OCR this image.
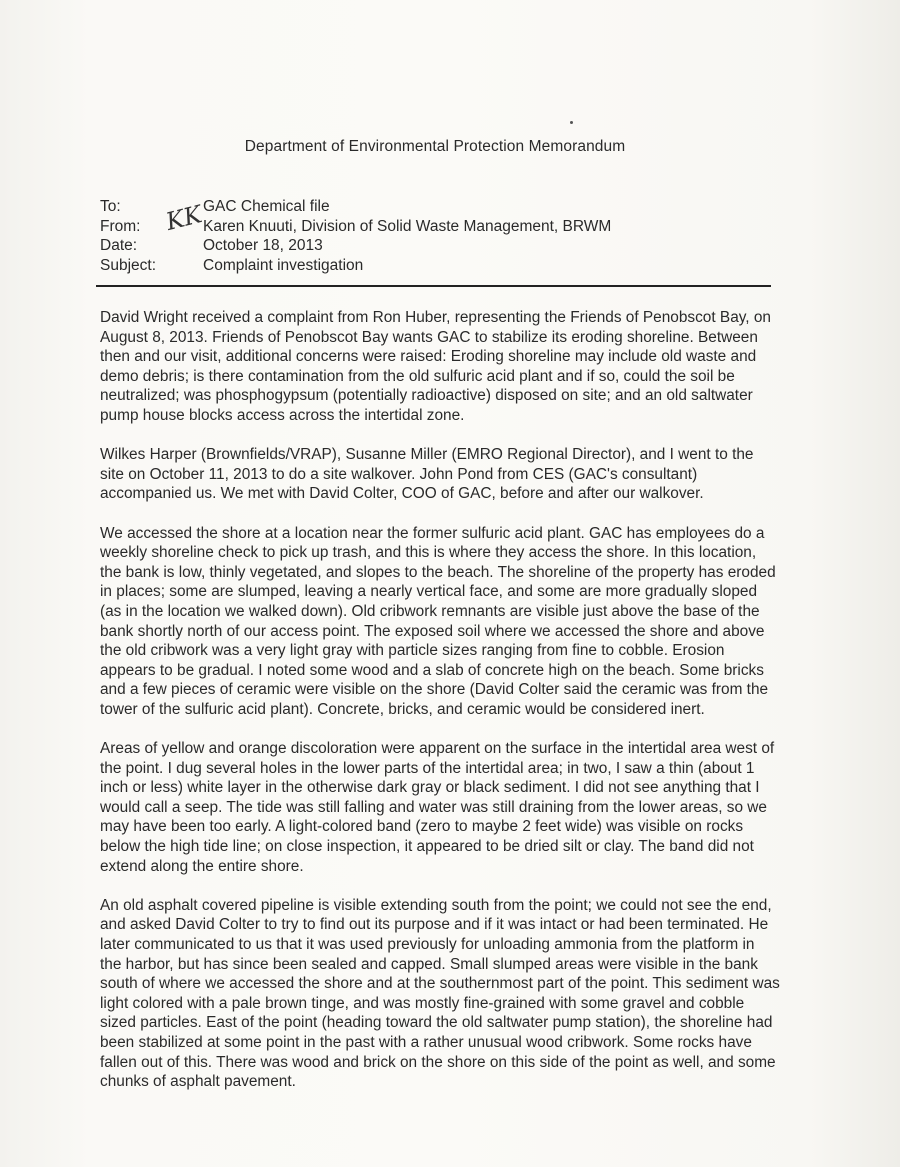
Department of Environmental Protection Memorandum
To:	GAC Chemical file
From:	Karen Knuuti, Division of Solid Waste Management, BRWM
Date:	October 18, 2013
Subject:	Complaint investigation
KK

David Wright received a complaint from Ron Huber, representing the Friends of Penobscot Bay, on August 8, 2013. Friends of Penobscot Bay wants GAC to stabilize its eroding shoreline. Between then and our visit, additional concerns were raised: Eroding shoreline may include old waste and demo debris; is there contamination from the old sulfuric acid plant and if so, could the soil be neutralized; was phosphogypsum (potentially radioactive) disposed on site; and an old saltwater pump house blocks access across the intertidal zone.

Wilkes Harper (Brownfields/VRAP), Susanne Miller (EMRO Regional Director), and I went to the site on October 11, 2013 to do a site walkover. John Pond from CES (GAC's consultant) accompanied us. We met with David Colter, COO of GAC, before and after our walkover.

We accessed the shore at a location near the former sulfuric acid plant. GAC has employees do a weekly shoreline check to pick up trash, and this is where they access the shore. In this location, the bank is low, thinly vegetated, and slopes to the beach. The shoreline of the property has eroded in places; some are slumped, leaving a nearly vertical face, and some are more gradually sloped (as in the location we walked down). Old cribwork remnants are visible just above the base of the bank shortly north of our access point. The exposed soil where we accessed the shore and above the old cribwork was a very light gray with particle sizes ranging from fine to cobble. Erosion appears to be gradual. I noted some wood and a slab of concrete high on the beach. Some bricks and a few pieces of ceramic were visible on the shore (David Colter said the ceramic was from the tower of the sulfuric acid plant). Concrete, bricks, and ceramic would be considered inert.

Areas of yellow and orange discoloration were apparent on the surface in the intertidal area west of the point. I dug several holes in the lower parts of the intertidal area; in two, I saw a thin (about 1 inch or less) white layer in the otherwise dark gray or black sediment. I did not see anything that I would call a seep. The tide was still falling and water was still draining from the lower areas, so we may have been too early. A light-colored band (zero to maybe 2 feet wide) was visible on rocks below the high tide line; on close inspection, it appeared to be dried silt or clay. The band did not extend along the entire shore.

An old asphalt covered pipeline is visible extending south from the point; we could not see the end, and asked David Colter to try to find out its purpose and if it was intact or had been terminated. He later communicated to us that it was used previously for unloading ammonia from the platform in the harbor, but has since been sealed and capped. Small slumped areas were visible in the bank south of where we accessed the shore and at the southernmost part of the point. This sediment was light colored with a pale brown tinge, and was mostly fine-grained with some gravel and cobble sized particles. East of the point (heading toward the old saltwater pump station), the shoreline had been stabilized at some point in the past with a rather unusual wood cribwork. Some rocks have fallen out of this. There was wood and brick on the shore on this side of the point as well, and some chunks of asphalt pavement.
